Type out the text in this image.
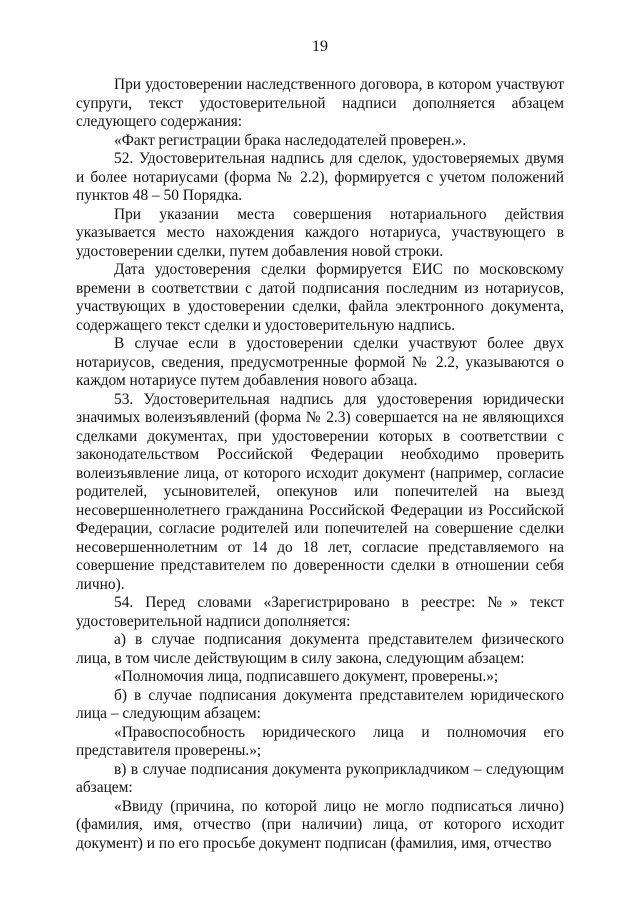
19

При удостоверении наследственного договора, в котором участвуют супруги, текст удостоверительной надписи дополняется абзацем следующего содержания:

«Факт регистрации брака наследодателей проверен.».

52. Удостоверительная надпись для сделок, удостоверяемых двумя и более нотариусами (форма № 2.2), формируется с учетом положений пунктов 48 – 50 Порядка.

При указании места совершения нотариального действия указывается место нахождения каждого нотариуса, участвующего в удостоверении сделки, путем добавления новой строки.

Дата удостоверения сделки формируется ЕИС по московскому времени в соответствии с датой подписания последним из нотариусов, участвующих в удостоверении сделки, файла электронного документа, содержащего текст сделки и удостоверительную надпись.

В случае если в удостоверении сделки участвуют более двух нотариусов, сведения, предусмотренные формой № 2.2, указываются о каждом нотариусе путем добавления нового абзаца.

53. Удостоверительная надпись для удостоверения юридически значимых волеизъявлений (форма № 2.3) совершается на не являющихся сделками документах, при удостоверении которых в соответствии с законодательством Российской Федерации необходимо проверить волеизъявление лица, от которого исходит документ (например, согласие родителей, усыновителей, опекунов или попечителей на выезд несовершеннолетнего гражданина Российской Федерации из Российской Федерации, согласие родителей или попечителей на совершение сделки несовершеннолетним от 14 до 18 лет, согласие представляемого на совершение представителем по доверенности сделки в отношении себя лично).

54. Перед словами «Зарегистрировано в реестре: №» текст удостоверительной надписи дополняется:

а) в случае подписания документа представителем физического лица, в том числе действующим в силу закона, следующим абзацем:

«Полномочия лица, подписавшего документ, проверены.»;

б) в случае подписания документа представителем юридического лица – следующим абзацем:

«Правоспособность юридического лица и полномочия его представителя проверены.»;

в) в случае подписания документа рукоприкладчиком – следующим абзацем:

«Ввиду (причина, по которой лицо не могло подписаться лично) (фамилия, имя, отчество (при наличии) лица, от которого исходит документ) и по его просьбе документ подписан (фамилия, имя, отчество
